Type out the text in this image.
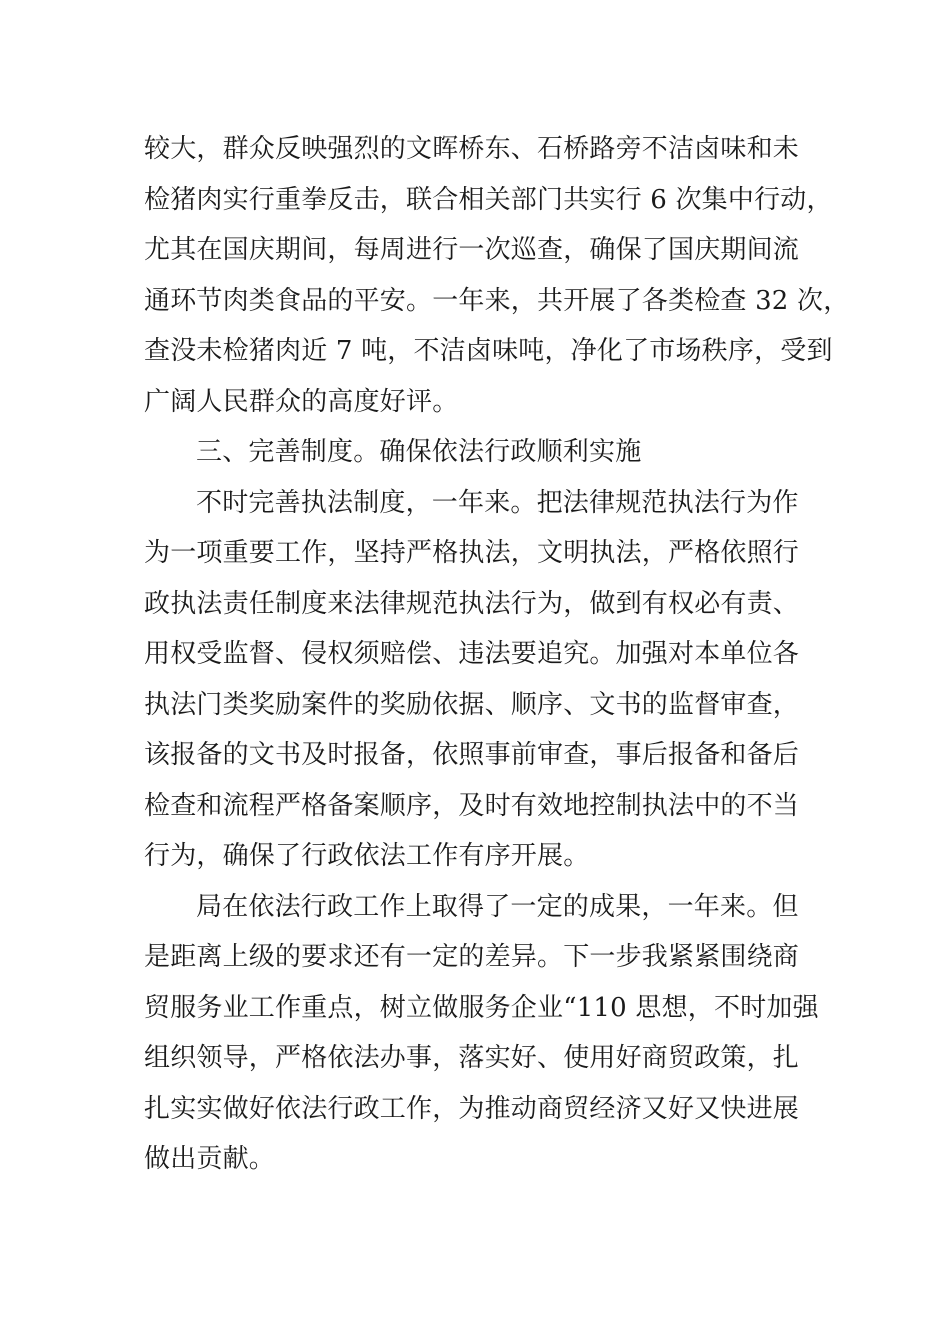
较大，群众反映强烈的文晖桥东、石桥路旁不洁卤味和未
检猪肉实行重拳反击，联合相关部门共实行 6 次集中行动，
尤其在国庆期间，每周进行一次巡查，确保了国庆期间流
通环节肉类食品的平安。一年来，共开展了各类检查 32 次，
查没未检猪肉近 7 吨，不洁卤味吨，净化了市场秩序，受到
广阔人民群众的高度好评。
三、完善制度。确保依法行政顺利实施
不时完善执法制度，一年来。把法律规范执法行为作
为一项重要工作，坚持严格执法，文明执法，严格依照行
政执法责任制度来法律规范执法行为，做到有权必有责、
用权受监督、侵权须赔偿、违法要追究。加强对本单位各
执法门类奖励案件的奖励依据、顺序、文书的监督审查，
该报备的文书及时报备，依照事前审查，事后报备和备后
检查和流程严格备案顺序，及时有效地控制执法中的不当
行为，确保了行政依法工作有序开展。
局在依法行政工作上取得了一定的成果，一年来。但
是距离上级的要求还有一定的差异。下一步我紧紧围绕商
贸服务业工作重点，树立做服务企业“110 思想，不时加强
组织领导，严格依法办事，落实好、使用好商贸政策，扎
扎实实做好依法行政工作，为推动商贸经济又好又快进展
做出贡献。
